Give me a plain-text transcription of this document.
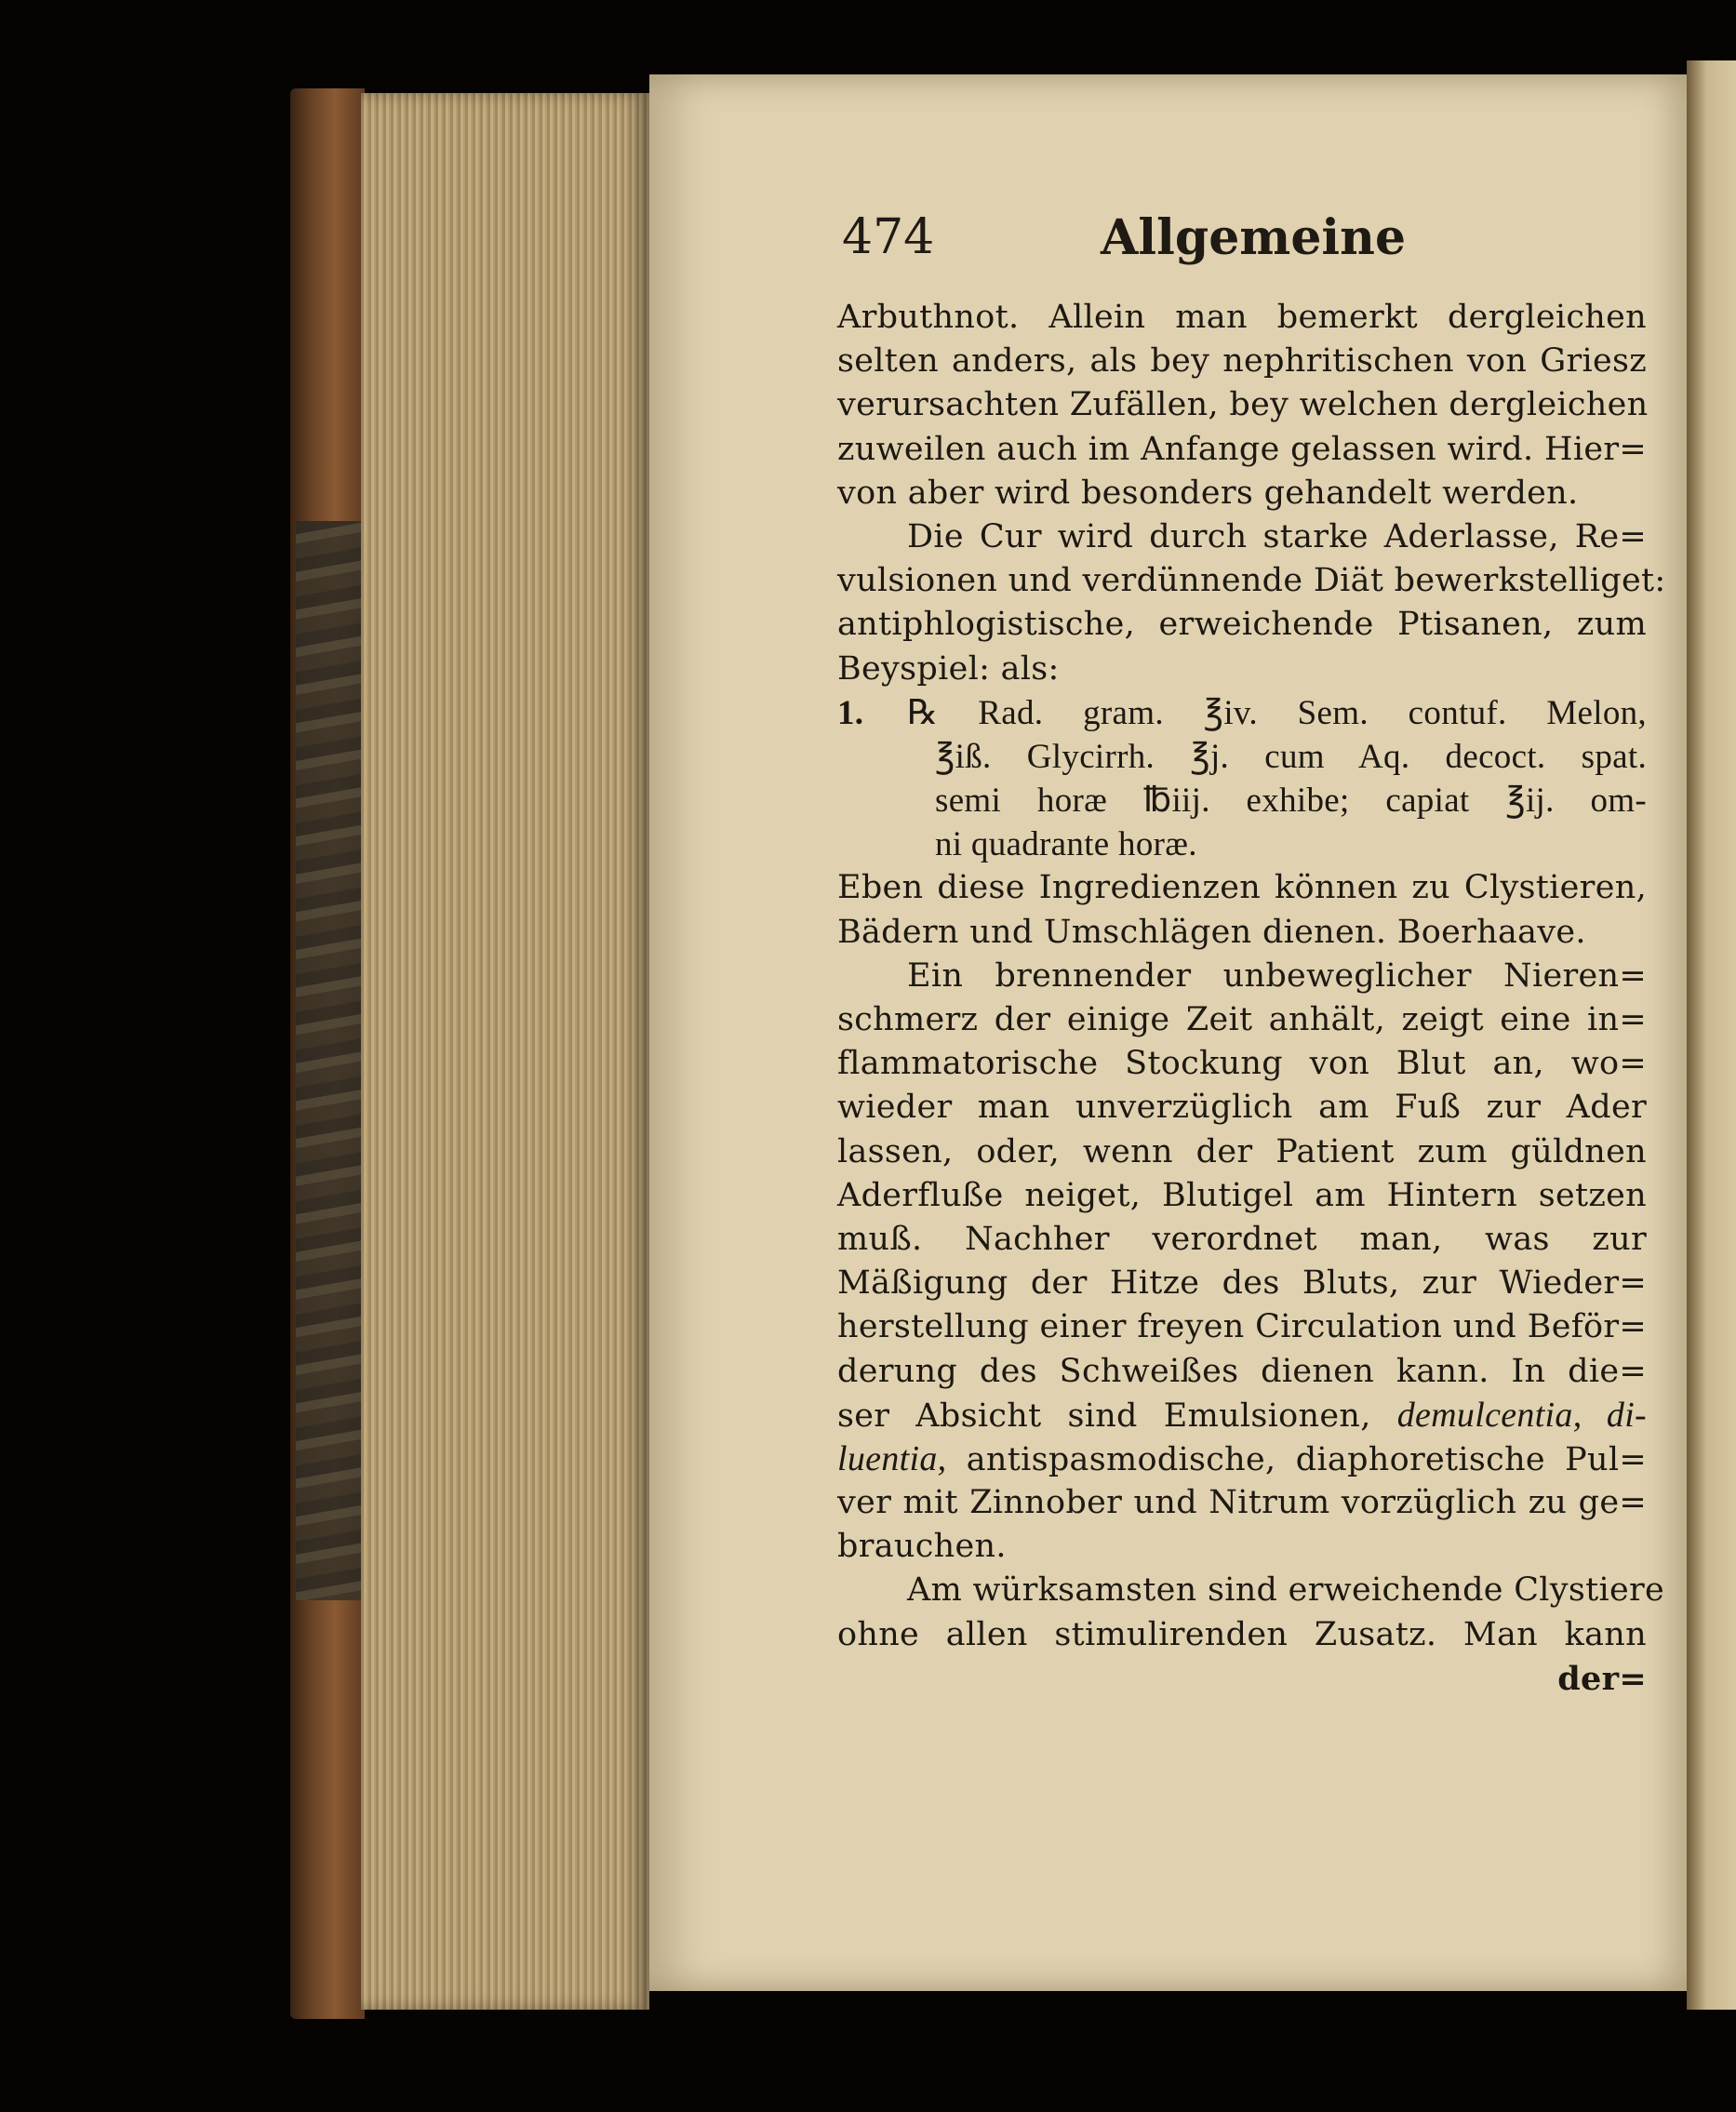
474	Allgemeine
Arbuthnot. Allein man bemerkt dergleichen
selten anders, als bey nephritischen von Griesz
verursachten Zufällen, bey welchen dergleichen
zuweilen auch im Anfange gelassen wird. Hier=
von aber wird besonders gehandelt werden.
Die Cur wird durch starke Aderlasse, Re=
vulsionen und verdünnende Diät bewerkstelliget:
antiphlogistische, erweichende Ptisanen, zum
Beyspiel: als:
1. ℞ Rad. gram. ℥iv. Sem. contuf. Melon,
℥iß. Glycirrh. ℥j. cum Aq. decoct. spat.
semi horæ ℔iij. exhibe; capiat ℥ij. om-
ni quadrante horæ.
Eben diese Ingredienzen können zu Clystieren,
Bädern und Umschlägen dienen. Boerhaave.
Ein brennender unbeweglicher Nieren=
schmerz der einige Zeit anhält, zeigt eine in=
flammatorische Stockung von Blut an, wo=
wieder man unverzüglich am Fuß zur Ader
lassen, oder, wenn der Patient zum güldnen
Aderfluße neiget, Blutigel am Hintern setzen
muß. Nachher verordnet man, was zur
Mäßigung der Hitze des Bluts, zur Wieder=
herstellung einer freyen Circulation und Beför=
derung des Schweißes dienen kann. In die=
ser Absicht sind Emulsionen, demulcentia, di-
luentia, antispasmodische, diaphoretische Pul=
ver mit Zinnober und Nitrum vorzüglich zu ge=
brauchen.
Am würksamsten sind erweichende Clystiere
ohne allen stimulirenden Zusatz. Man kann
der=
